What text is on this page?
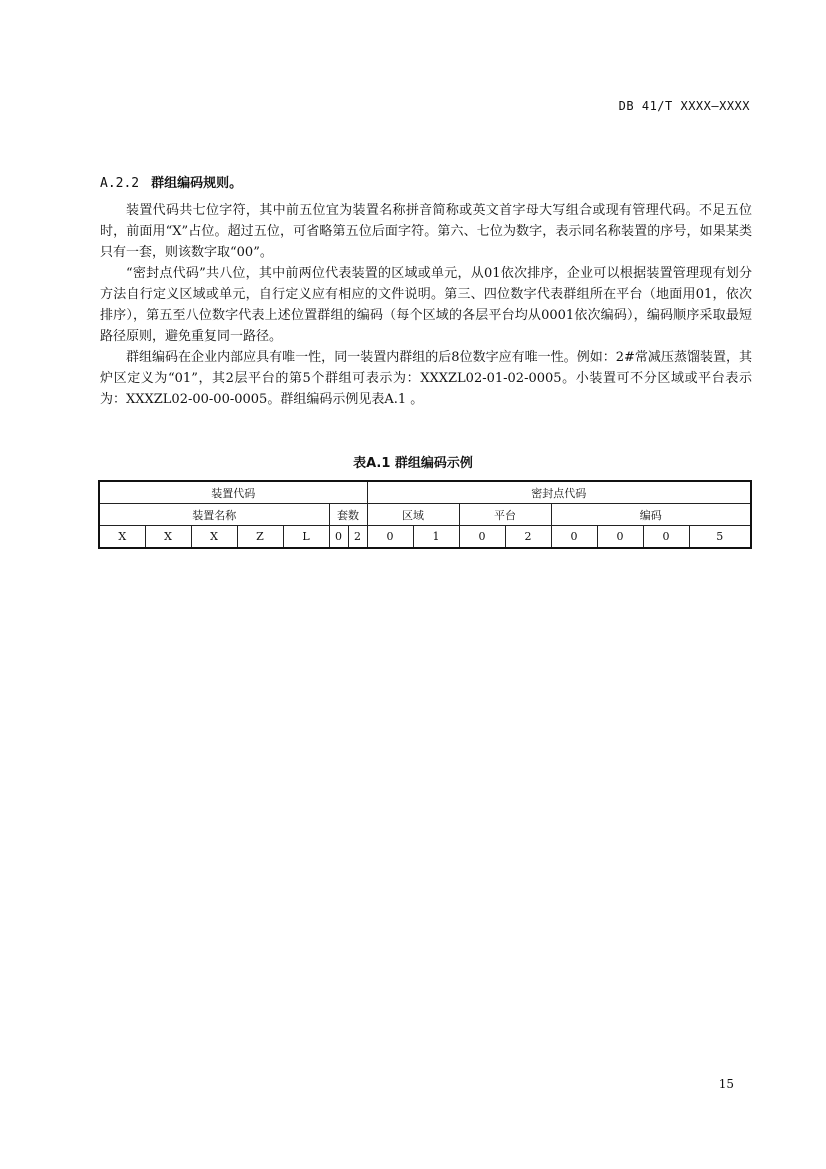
DB 41/T XXXX—XXXX
A.2.2 群组编码规则。

装置代码共七位字符，其中前五位宜为装置名称拼音简称或英文首字母大写组合或现有管理代码。不足五位时，前面用“X”占位。超过五位，可省略第五位后面字符。第六、七位为数字，表示同名称装置的序号，如果某类只有一套，则该数字取“00”。

“密封点代码”共八位，其中前两位代表装置的区域或单元，从01依次排序，企业可以根据装置管理现有划分方法自行定义区域或单元，自行定义应有相应的文件说明。第三、四位数字代表群组所在平台（地面用01，依次排序），第五至八位数字代表上述位置群组的编码（每个区域的各层平台均从0001依次编码），编码顺序采取最短路径原则，避免重复同一路径。

群组编码在企业内部应具有唯一性，同一装置内群组的后8位数字应有唯一性。例如：2#常减压蒸馏装置，其炉区定义为“01”，其2层平台的第5个群组可表示为：XXXZL02-01-02-0005。小装置可不分区域或平台表示为：XXXZL02-00-00-0005。群组编码示例见表A.1 。

表A.1 群组编码示例
装置代码							密封点代码							
装置名称					套数		区域		平台		编码			
X	X	X	Z	L	0	2	0	1	0	2	0	0	0	5
15
